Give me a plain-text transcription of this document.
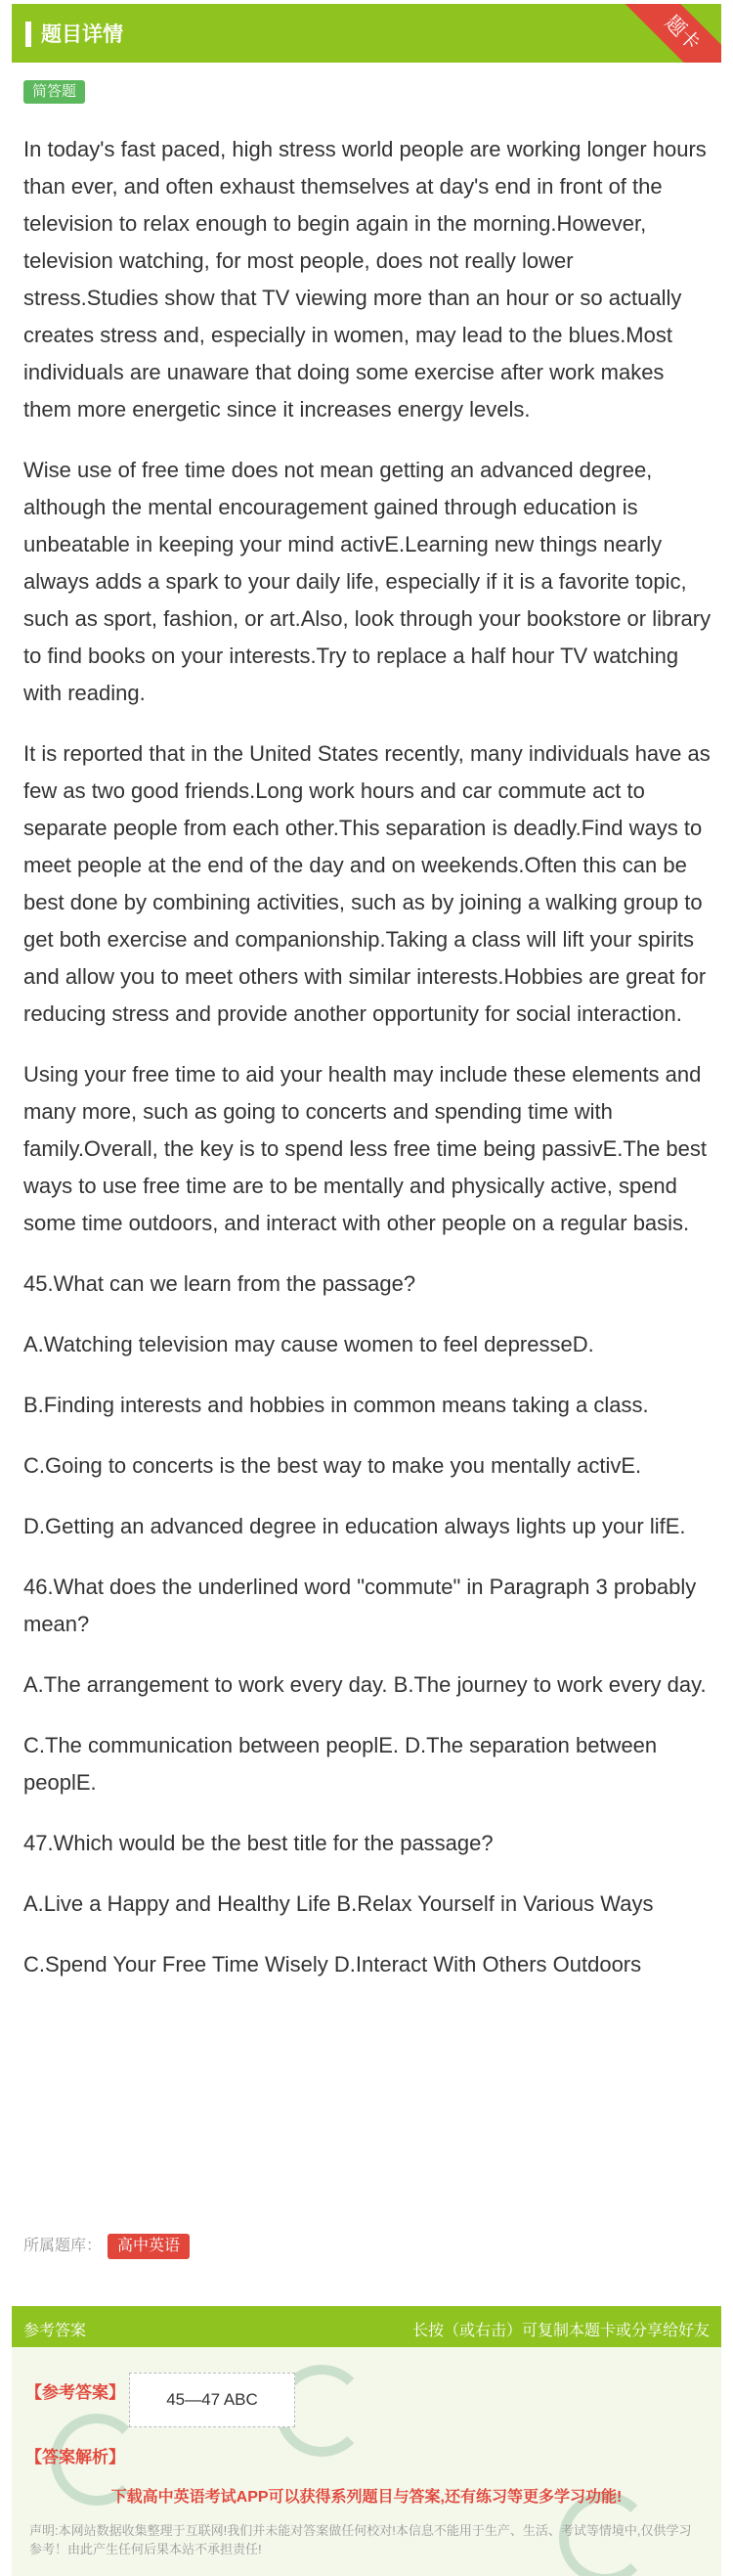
题目详情	题卡
简答题

In today's fast paced, high stress world people are working longer hours than ever, and often exhaust themselves at day's end in front of the television to relax enough to begin again in the morning.However, television watching, for most people, does not really lower stress.Studies show that TV viewing more than an hour or so actually creates stress and, especially in women, may lead to the blues.Most individuals are unaware that doing some exercise after work makes them more energetic since it increases energy levels.

Wise use of free time does not mean getting an advanced degree, although the mental encouragement gained through education is unbeatable in keeping your mind activE.Learning new things nearly always adds a spark to your daily life, especially if it is a favorite topic, such as sport, fashion, or art.Also, look through your bookstore or library to find books on your interests.Try to replace a half hour TV watching with reading.

It is reported that in the United States recently, many individuals have as few as two good friends.Long work hours and car commute act to separate people from each other.This separation is deadly.Find ways to meet people at the end of the day and on weekends.Often this can be best done by combining activities, such as by joining a walking group to get both exercise and companionship.Taking a class will lift your spirits and allow you to meet others with similar interests.Hobbies are great for reducing stress and provide another opportunity for social interaction.

Using your free time to aid your health may include these elements and many more, such as going to concerts and spending time with family.Overall, the key is to spend less free time being passivE.The best ways to use free time are to be mentally and physically active, spend some time outdoors, and interact with other people on a regular basis.

45.What can we learn from the passage?

A.Watching television may cause women to feel depresseD.

B.Finding interests and hobbies in common means taking a class.

C.Going to concerts is the best way to make you mentally activE.

D.Getting an advanced degree in education always lights up your lifE.

46.What does the underlined word "commute" in Paragraph 3 probably mean?

A.The arrangement to work every day. B.The journey to work every day.

C.The communication between peoplE. D.The separation between peoplE.

47.Which would be the best title for the passage?

A.Live a Happy and Healthy Life B.Relax Yourself in Various Ways

C.Spend Your Free Time Wisely D.Interact With Others Outdoors

所属题库： 高中英语
参考答案	长按（或右击）可复制本题卡或分享给好友
【参考答案】	45—47 ABC
【答案解析】
下载高中英语考试APP可以获得系列题目与答案,还有练习等更多学习功能!
声明:本网站数据收集整理于互联网!我们并未能对答案做任何校对!本信息不能用于生产、生活、考试等情境中,仅供学习参考！由此产生任何后果本站不承担责任!
